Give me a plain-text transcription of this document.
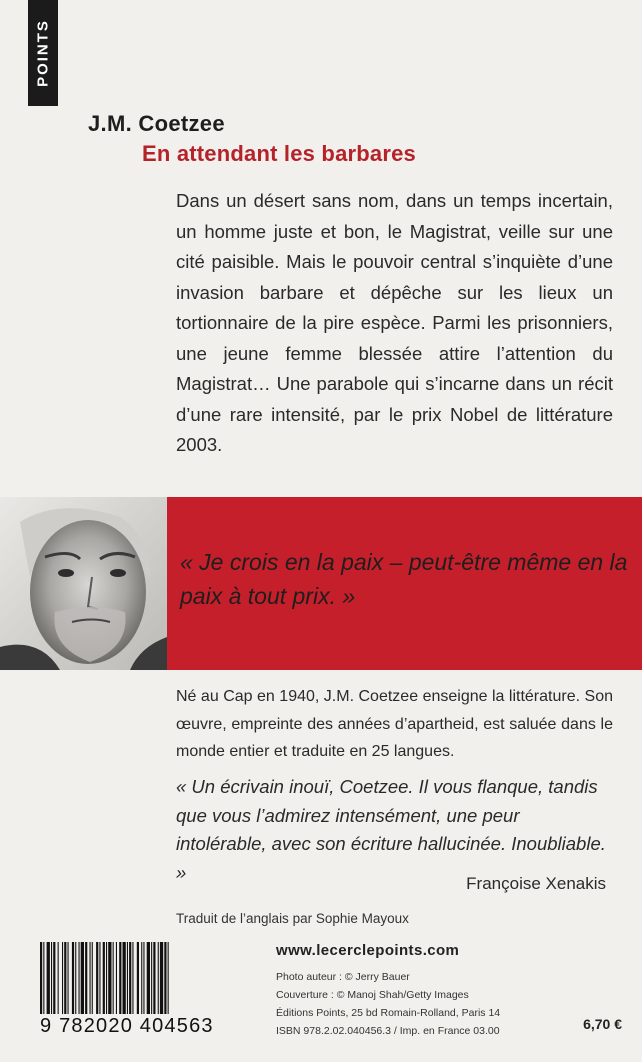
POINTS
J.M. Coetzee
En attendant les barbares

Dans un désert sans nom, dans un temps incertain, un homme juste et bon, le Magistrat, veille sur une cité paisible. Mais le pouvoir central s’inquiète d’une invasion barbare et dépêche sur les lieux un tortionnaire de la pire espèce. Parmi les prisonniers, une jeune femme blessée attire l’attention du Magistrat… Une parabole qui s’incarne dans un récit d’une rare intensité, par le prix Nobel de littérature 2003.

« Je crois en la paix – peut-être même en la paix à tout prix. »

Né au Cap en 1940, J.M. Coetzee enseigne la littérature. Son œuvre, empreinte des années d’apartheid, est saluée dans le monde entier et traduite en 25 langues.

« Un écrivain inouï, Coetzee. Il vous flanque, tandis que vous l’admirez intensément, une peur intolérable, avec son écriture hallucinée. Inoubliable. »

Françoise Xenakis
Traduit de l’anglais par Sophie Mayoux
9 782020 404563
www.lecerclepoints.com
Photo auteur : © Jerry Bauer
Couverture : © Manoj Shah/Getty Images
Éditions Points, 25 bd Romain-Rolland, Paris 14
ISBN 978.2.02.040456.3 / Imp. en France 03.00	6,70 €
